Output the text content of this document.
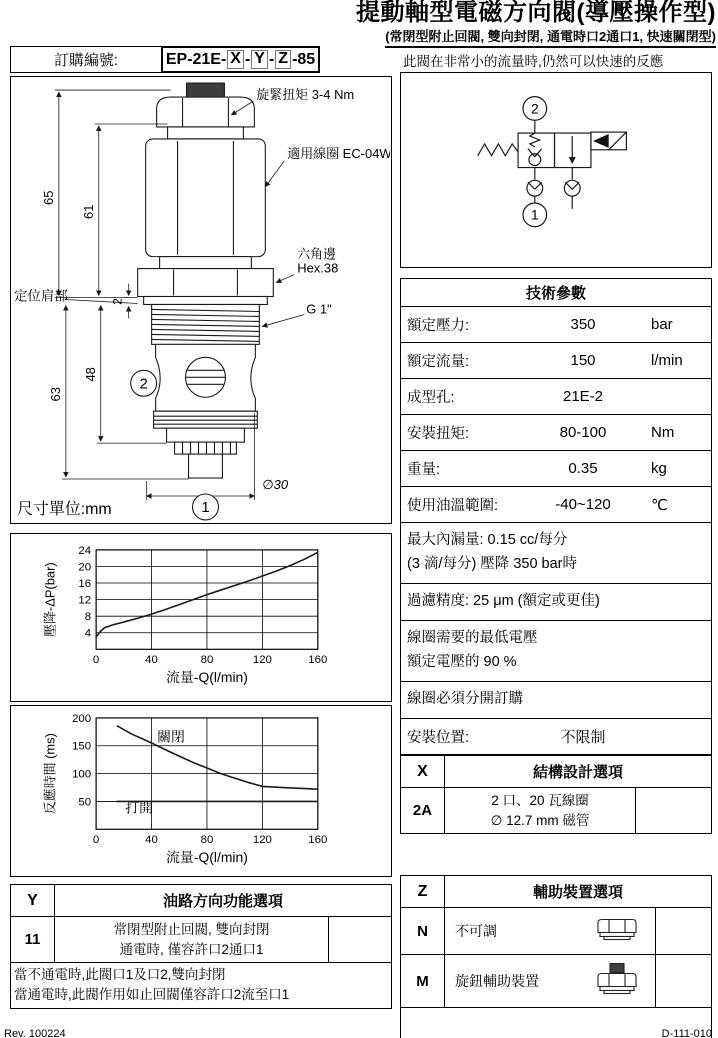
提動軸型電磁方向閥(導壓操作型)
(常閉型附止回閥, 雙向封閉, 通電時口2通口1, 快速關閉型)
此閥在非常小的流量時,仍然可以快速的反應
訂購編號:	EP-21E- X - Y - Z -85
2
1
65
61
2
63
48
旋緊扭矩 3-4 Nm
適用線圈 EC-04W
六角邊
Hex.38
G 1"
定位肩部
∅30
尺寸單位:mm
0	40	80	120	160
4
8
12
16
20
24
流量-Q(l/min)
壓降-ΔP(bar)
0	40	80	120	160
50
100
150
200
關閉
打開
流量-Q(l/min)
反應時間 (ms)
2
1
技術參數
額定壓力:	350	bar
額定流量:	150	l/min
成型孔:	21E-2
安裝扭矩:	80-100	Nm
重量:	0.35	kg
使用油溫範圍:	-40~120	℃
最大內漏量: 0.15 cc/每分
(3 滴/每分) 壓降 350 bar時
過濾精度: 25 μm (額定或更佳)
線圈需要的最低電壓
額定電壓的 90 %
線圈必須分開訂購
安裝位置:	不限制
X	結構設計選項
2A
2 口、20 瓦線圈
∅ 12.7 mm 磁管
Y	油路方向功能選項
11
常閉型附止回閥, 雙向封閉
通電時, 僅容許口2通口1
當不通電時,此閥口1及口2,雙向封閉
當通電時,此閥作用如止回閥僅容許口2流至口1
Z	輔助裝置選項
N	不可調
M	旋鈕輔助裝置
Rev. 100224	D-111-010
